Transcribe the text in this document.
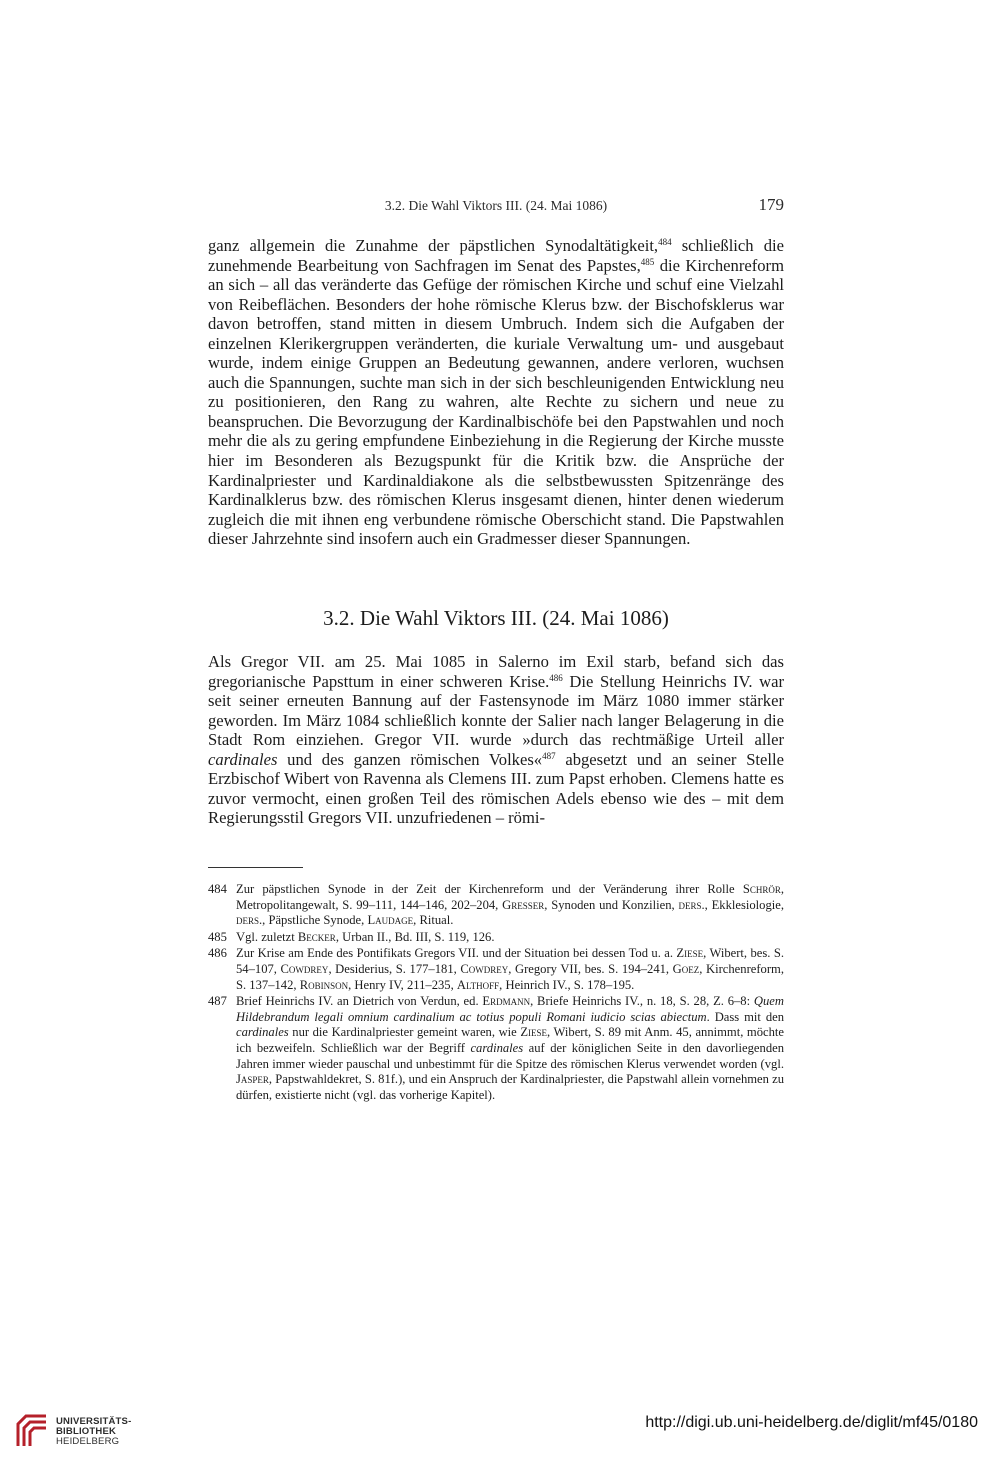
3.2. Die Wahl Viktors III. (24. Mai 1086)	179

ganz allgemein die Zunahme der päpstlichen Synodaltätigkeit,$^{484}$ schließlich die zunehmende Bearbeitung von Sachfragen im Senat des Papstes,$^{485}$ die Kirchenreform an sich – all das veränderte das Gefüge der römischen Kirche und schuf eine Vielzahl von Reibeflächen. Besonders der hohe römische Klerus bzw. der Bischofsklerus war davon betroffen, stand mitten in diesem Umbruch. Indem sich die Aufgaben der einzelnen Klerikergruppen veränderten, die kuriale Verwaltung um- und ausgebaut wurde, indem einige Gruppen an Bedeutung gewannen, andere verloren, wuchsen auch die Spannungen, suchte man sich in der sich beschleunigenden Entwicklung neu zu positionieren, den Rang zu wahren, alte Rechte zu sichern und neue zu beanspruchen. Die Bevorzugung der Kardinalbischöfe bei den Papstwahlen und noch mehr die als zu gering empfundene Einbeziehung in die Regierung der Kirche musste hier im Besonderen als Bezugspunkt für die Kritik bzw. die Ansprüche der Kardinalpriester und Kardinaldiakone als die selbstbewussten Spitzenränge des Kardinalklerus bzw. des römischen Klerus insgesamt dienen, hinter denen wiederum zugleich die mit ihnen eng verbundene römische Oberschicht stand. Die Papstwahlen dieser Jahrzehnte sind insofern auch ein Gradmesser dieser Spannungen.

3.2. Die Wahl Viktors III. (24. Mai 1086)

Als Gregor VII. am 25. Mai 1085 in Salerno im Exil starb, befand sich das gregorianische Papsttum in einer schweren Krise.$^{486}$ Die Stellung Heinrichs IV. war seit seiner erneuten Bannung auf der Fastensynode im März 1080 immer stärker geworden. Im März 1084 schließlich konnte der Salier nach langer Belagerung in die Stadt Rom einziehen. Gregor VII. wurde »durch das rechtmäßige Urteil aller cardinales und des ganzen römischen Volkes«$^{487}$ abgesetzt und an seiner Stelle Erzbischof Wibert von Ravenna als Clemens III. zum Papst erhoben. Clemens hatte es zuvor vermocht, einen großen Teil des römischen Adels ebenso wie des – mit dem Regierungsstil Gregors VII. unzufriedenen – römi-

484 Zur päpstlichen Synode in der Zeit der Kirchenreform und der Veränderung ihrer Rolle Schrör, Metropolitangewalt, S. 99–111, 144–146, 202–204, Gresser, Synoden und Konzilien, ders., Ekklesiologie, ders., Päpstliche Synode, Laudage, Ritual.

485 Vgl. zuletzt Becker, Urban II., Bd. III, S. 119, 126.

486 Zur Krise am Ende des Pontifikats Gregors VII. und der Situation bei dessen Tod u. a. Ziese, Wibert, bes. S. 54–107, Cowdrey, Desiderius, S. 177–181, Cowdrey, Gregory VII, bes. S. 194–241, Goez, Kirchenreform, S. 137–142, Robinson, Henry IV, 211–235, Althoff, Heinrich IV., S. 178–195.

487 Brief Heinrichs IV. an Dietrich von Verdun, ed. Erdmann, Briefe Heinrichs IV., n. 18, S. 28, Z. 6–8: Quem Hildebrandum legali omnium cardinalium ac totius populi Romani iudicio scias abiectum. Dass mit den cardinales nur die Kardinalpriester gemeint waren, wie Ziese, Wibert, S. 89 mit Anm. 45, annimmt, möchte ich bezweifeln. Schließlich war der Begriff cardinales auf der königlichen Seite in den davorliegenden Jahren immer wieder pauschal und unbestimmt für die Spitze des römischen Klerus verwendet worden (vgl. Jasper, Papstwahldekret, S. 81f.), und ein Anspruch der Kardinalpriester, die Papstwahl allein vornehmen zu dürfen, existierte nicht (vgl. das vorherige Kapitel).

UNIVERSITÄTS-
BIBLIOTHEK
HEIDELBERG
http://digi.ub.uni-heidelberg.de/diglit/mf45/0180
